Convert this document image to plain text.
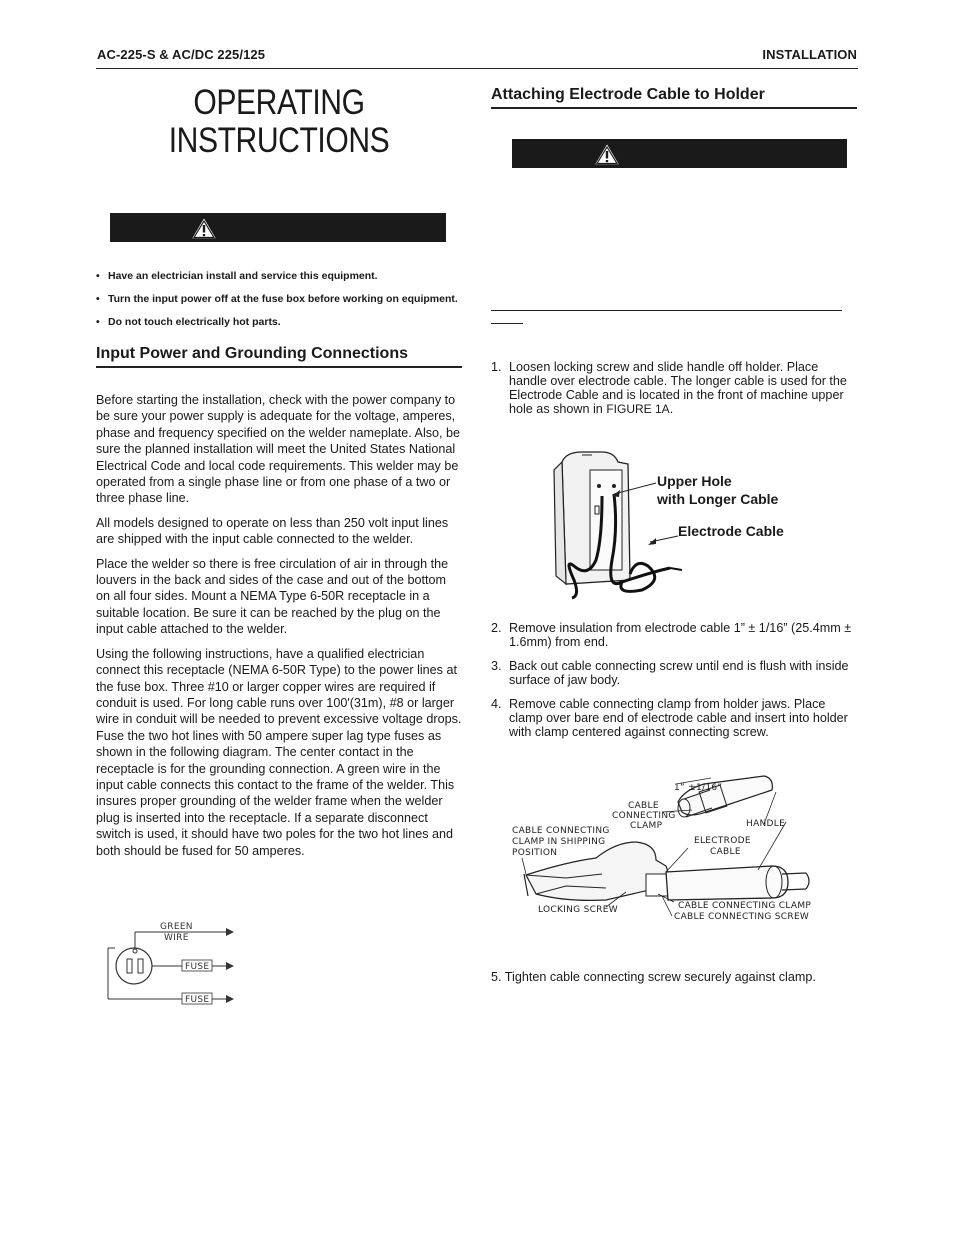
AC-225-S & AC/DC 225/125	INSTALLATION
OPERATING
INSTRUCTIONS
• Have an electrician install and service this equipment.
• Turn the input power off at the fuse box before working on equipment.
• Do not touch electrically hot parts.
Input Power and Grounding Connections

Before starting the installation, check with the power company to be sure your power supply is adequate for the voltage, amperes, phase and frequency specified on the welder nameplate. Also, be sure the planned installation will meet the United States National Electrical Code and local code requirements. This welder may be operated from a single phase line or from one phase of a two or three phase line.

All models designed to operate on less than 250 volt input lines are shipped with the input cable connected to the welder.

Place the welder so there is free circulation of air in through the louvers in the back and sides of the case and out of the bottom on all four sides. Mount a NEMA Type 6-50R receptacle in a suitable location. Be sure it can be reached by the plug on the input cable attached to the welder.

Using the following instructions, have a qualified electrician connect this receptacle (NEMA 6-50R Type) to the power lines at the fuse box. Three #10 or larger copper wires are required if conduit is used. For long cable runs over 100'(31m), #8 or larger wire in conduit will be needed to prevent excessive voltage drops. Fuse the two hot lines with 50 ampere super lag type fuses as shown in the following diagram. The center contact in the receptacle is for the grounding connection. A green wire in the input cable connects this contact to the frame of the welder. This insures proper grounding of the welder frame when the welder plug is inserted into the receptacle. If a separate disconnect switch is used, it should have two poles for the two hot lines and both should be fused for 50 amperes.

GREEN
WIRE
FUSE
FUSE
Attaching Electrode Cable to Holder
1. Loosen locking screw and slide handle off holder. Place handle over electrode cable. The longer cable is used for the Electrode Cable and is located in the front of machine upper hole as shown in FIGURE 1A.
Upper Hole
with Longer Cable
Electrode Cable
2. Remove insulation from electrode cable 1” ± 1/16” (25.4mm ± 1.6mm) from end.
3. Back out cable connecting screw until end is flush with inside surface of jaw body.
4. Remove cable connecting clamp from holder jaws. Place clamp over bare end of electrode cable and insert into holder with clamp centered against connecting screw.
1” ±1/16”
CABLE
CONNECTING
CLAMP	HANDLE
CABLE CONNECTING
CLAMP IN SHIPPING
POSITION
ELECTRODE
CABLE
LOCKING SCREW	CABLE CONNECTING CLAMP
CABLE CONNECTING SCREW
5. Tighten cable connecting screw securely against clamp.
